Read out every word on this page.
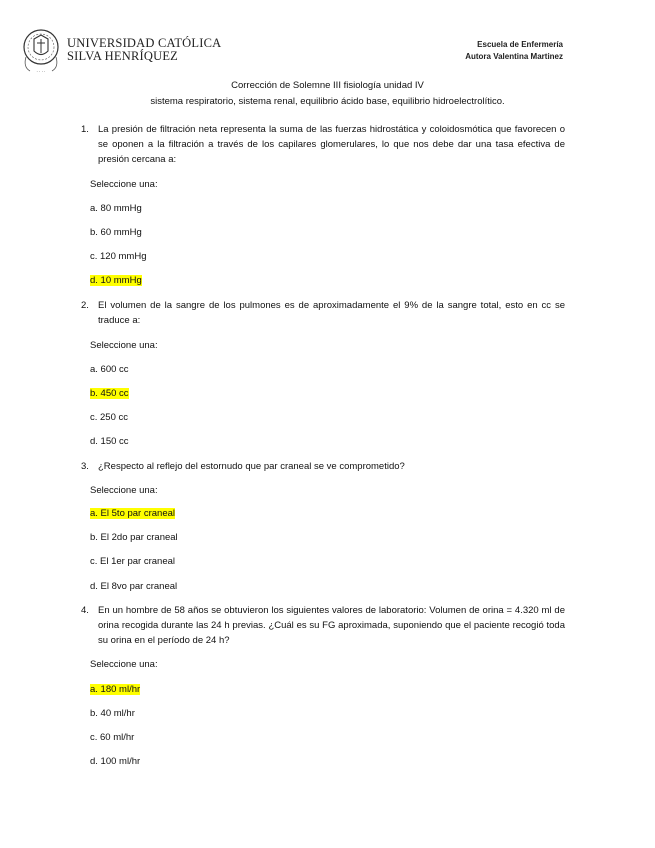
· · · ·
UNIVERSIDAD CATÓLICA
SILVA HENRÍQUEZ
Escuela de Enfermería
Autora Valentina Martinez
Corrección de Solemne III fisiología unidad IV
sistema respiratorio, sistema renal, equilibrio ácido base, equilibrio hidroelectrolítico.
1. La presión de filtración neta representa la suma de las fuerzas hidrostática y coloidosmótica que favorecen o se oponen a la filtración a través de los capilares glomerulares, lo que nos debe dar una tasa efectiva de presión cercana a:
Seleccione una:
a. 80 mmHg
b. 60 mmHg
c. 120 mmHg
d. 10 mmHg
2. El volumen de la sangre de los pulmones es de aproximadamente el 9% de la sangre total, esto en cc se traduce a:
Seleccione una:
a. 600 cc
b. 450 cc
c. 250 cc
d. 150 cc
3. ¿Respecto al reflejo del estornudo que par craneal se ve comprometido?
Seleccione una:
a. El 5to par craneal
b. El 2do par craneal
c. El 1er par craneal
d. El 8vo par craneal
4. En un hombre de 58 años se obtuvieron los siguientes valores de laboratorio: Volumen de orina = 4.320 ml de orina recogida durante las 24 h previas. ¿Cuál es su FG aproximada, suponiendo que el paciente recogió toda su orina en el período de 24 h?
Seleccione una:
a. 180 ml/hr
b. 40 ml/hr
c. 60 ml/hr
d. 100 ml/hr
